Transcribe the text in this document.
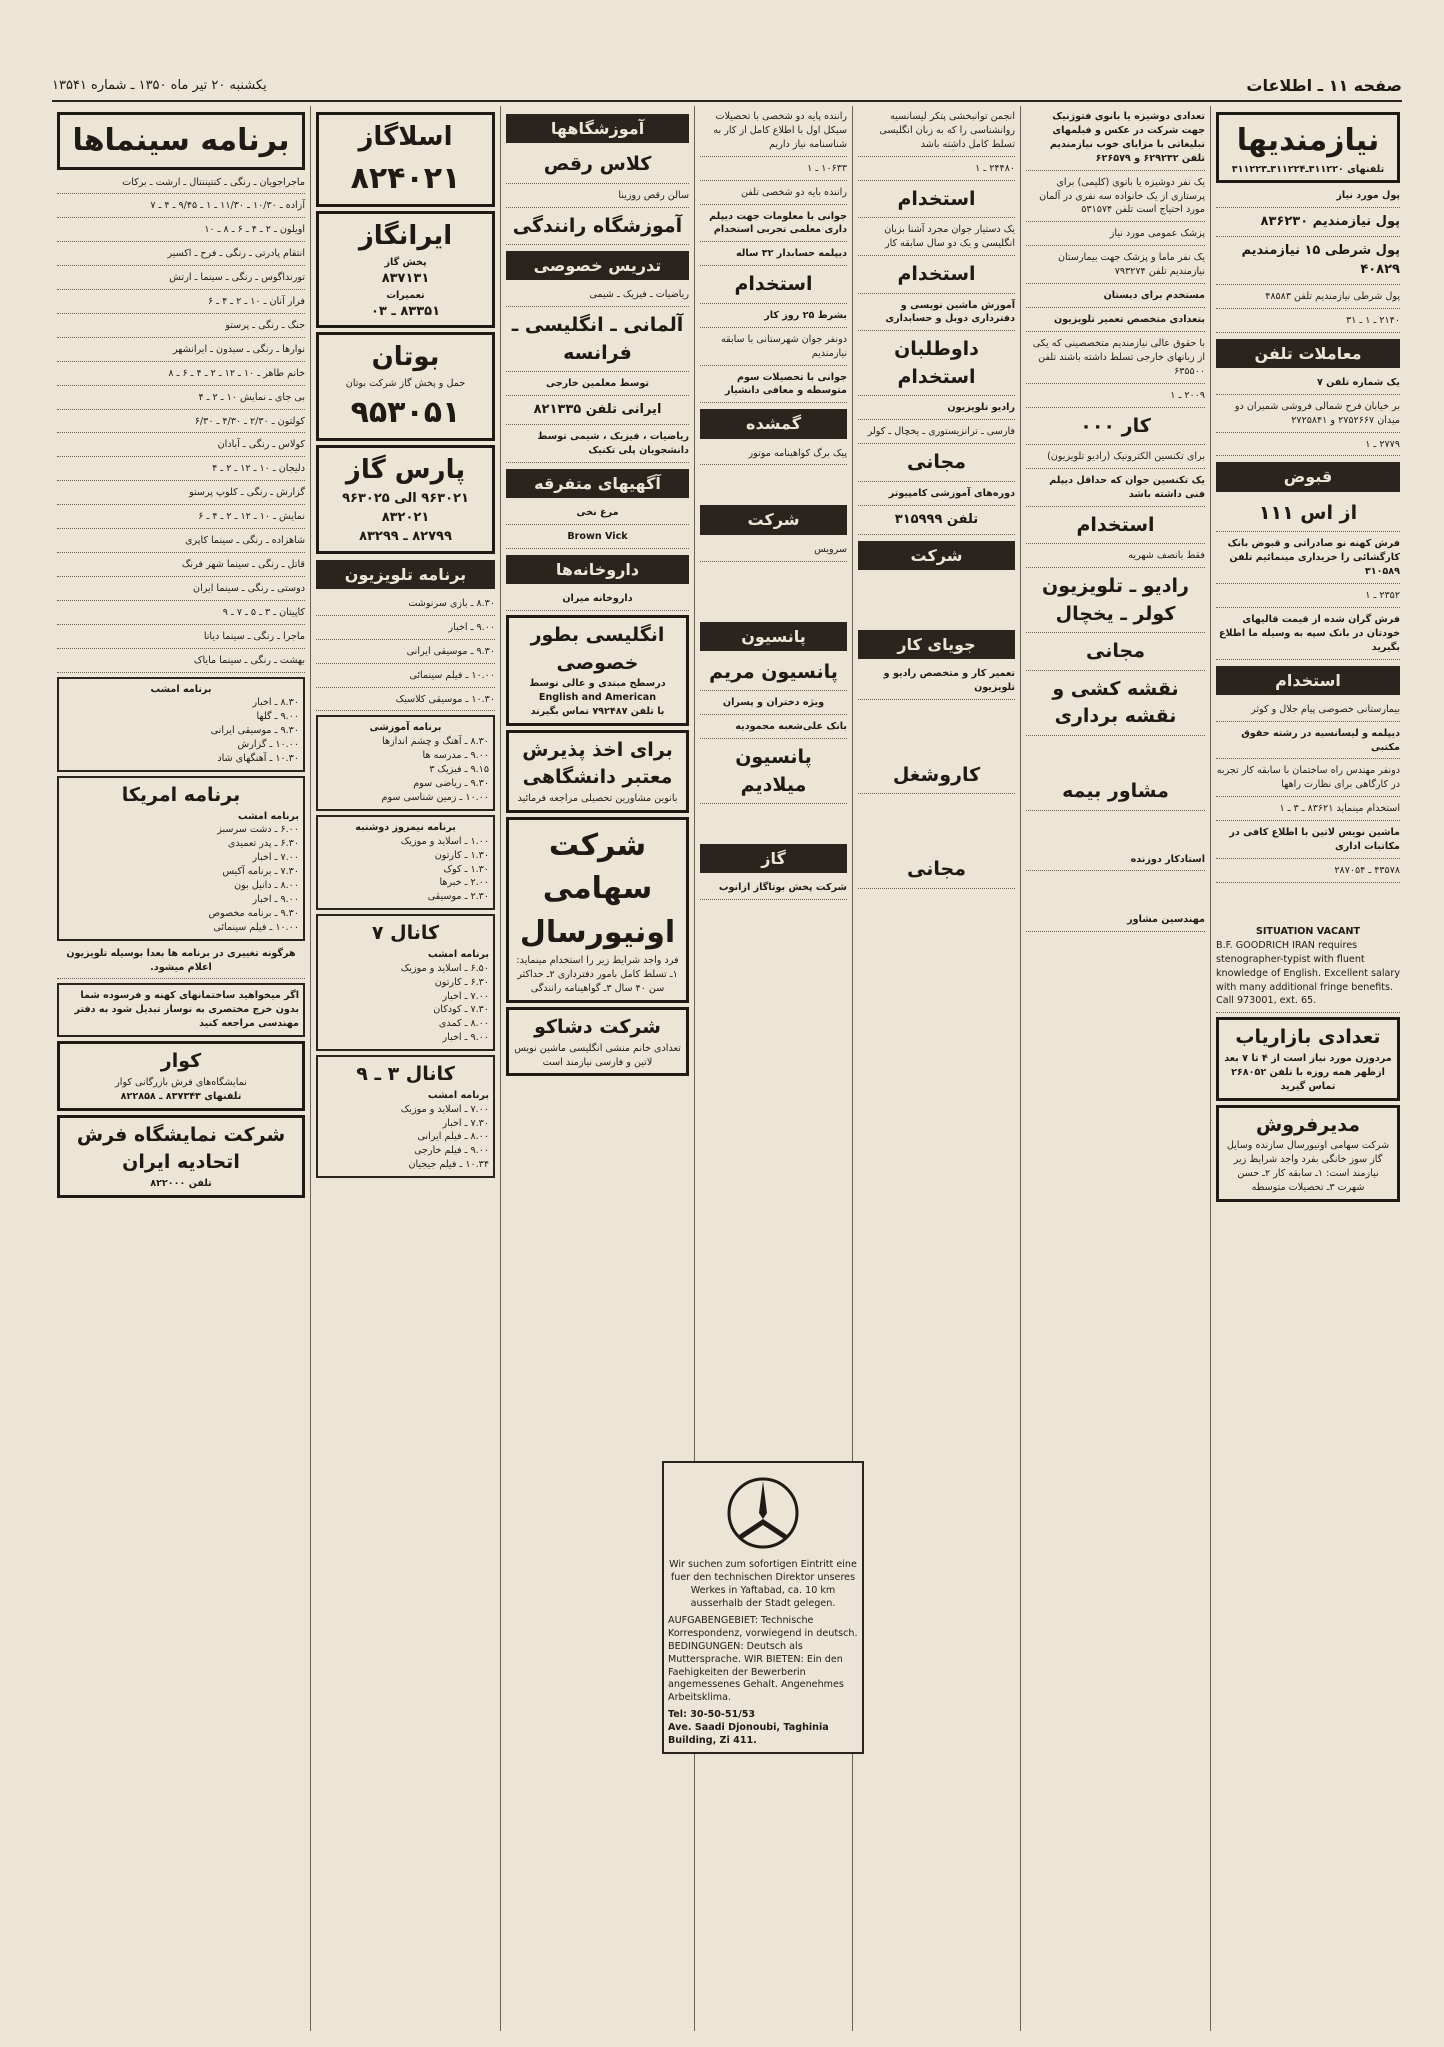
صفحه ۱۱ ـ اطلاعات
یکشنبه ۲۰ تیر ماه ۱۳۵۰ ـ شماره ۱۳۵۴۱
نیازمندیها
تلفنهای ۳۱۱۲۲۰ـ۳۱۱۲۲۴ـ۳۱۱۲۲۳
پول مورد نیاز
پول نیازمندیم ۸۳۶۲۳۰
پول شرطی ۱۵ نیازمندیم ۴۰۸۲۹
پول شرطی نیازمندیم تلفن ۴۸۵۸۳
۲۱۴۰ ـ ۱ ـ ۳۱
معاملات تلفن
یک شماره تلفن ۷
بر خیابان فرح شمالی فروشی شمیران دو میدان ۲۷۵۲۶۶۷ و ۲۷۲۵۸۴۱
۲۷۷۹ ـ ۱
قبوض
از اس ۱۱۱
فرش کهنه نو صادراتی و قبوض بانک کارگشائی را خریداری مینمائیم تلفن ۳۱۰۵۸۹
۲۳۵۲ ـ ۱
فرش گران شده از قیمت قالیهای خودتان در بانک سپه به وسیله ما اطلاع بگیرید
استخدام
بیمارستانی خصوصی پیام جلال و کوثر
دیپلمه و لیسانسیه در رشته حقوق مکتبی
دونفر مهندس راه ساختمان با سابقه کار تجربه در کارگاهی برای نظارت راهها
استخدام مینماید ۸۳۶۲۱ ـ ۳ ـ ۱
ماشین نویس لاتین با اطلاع کافی در مکاتبات اداری
۴۳۵۷۸ ـ ۲۸۷۰۵۴
SITUATION VACANT
B.F. GOODRICH IRAN requires stenographer-typist with fluent knowledge of English. Excellent salary with many additional fringe benefits. Call 973001, ext. 65.
تعدادی بازاریاب
مردوزن مورد نیاز است از ۴ تا ۷ بعد ازظهر همه روزه با تلفن ۲۶۸۰۵۲ تماس گیرید
مدیرفروش
شرکت سهامی اونیورسال سازنده وسایل گاز سوز خانگی بفرد واجد شرایط زیر نیازمند است: ۱ـ سابقه کار ۲ـ حسن شهرت ۳ـ تحصیلات متوسطه
تعدادی دوشیزه یا بانوی فتوژنیک جهت شرکت در عکس و فیلمهای تبلیغاتی با مزایای خوب نیازمندیم تلفن ۶۲۹۲۳۲ و ۶۲۶۵۷۹
یک نفر دوشیزه یا بانوی (کلیمی) برای پرستاری از یک خانواده سه نفری در آلمان مورد احتیاج است تلفن ۵۳۱۵۷۴
پزشک عمومی مورد نیاز
یک نفر ماما و پزشک جهت بیمارستان نیازمندیم تلفن ۷۹۳۲۷۴
مستخدم برای دبستان
بتعدادی متخصص تعمیر تلویزیون
با حقوق عالی نیازمندیم متخصصینی که یکی از زبانهای خارجی تسلط داشته باشند تلفن ۶۳۵۵۰۰
۲۰۰۹ ـ ۱
کار ۰۰۰
برای تکنسین الکترونیک (رادیو تلویزیون)
یک تکنسین جوان که حداقل دیپلم فنی داشته باشد
استخدام
فقط بانصف شهریه
رادیو ـ تلویزیون کولر ـ یخچال
مجانی
نقشه کشی و نقشه برداری
مشاور بیمه
استادکار دوزنده
مهندسین مشاور
انجمن توانبخشی پتکر لیسانسیه روانشناسی را که به زبان انگلیسی تسلط کامل داشته باشد
۲۴۴۸۰ ـ ۱
استخدام
یک دستیار جوان مجرد آشنا بزبان انگلیسی و یک دو سال سابقه کار
استخدام
آموزش ماشین نویسی و دفترداری دوبل و حسابداری
داوطلبان استخدام
رادیو تلویزیون
فارسی ـ ترانزیستوری ـ یخچال ـ کولر
مجانی
دوره‌های آموزشی کامپیوتر
تلفن ۳۱۵۹۹۹
شرکت
جویای کار
تعمیر کار و متخصص رادیو و تلویزیون
کاروشغل
مجانی
راننده پایه دو شخصی با تحصیلات سیکل اول با اطلاع کامل از کار به شناسنامه نیاز داریم
۱۰۶۳۳ ـ ۱
راننده بایه دو شخصی تلفن
جوانی با معلومات جهت دیپلم داری معلمی تجربی استخدام
دیپلمه حسابدار ۳۲ ساله
استخدام
بشرط ۲۵ روز کار
دونفر جوان شهرستانی با سابقه نیازمندیم
جوانی با تحصیلات سوم متوسطه و معافی دانشیار
گمشده
پیک برگ کواهینامه موتور
شرکت
سرویس
پانسیون
پانسیون مریم
ویژه دختران و پسران
بانک علی‌شعبه محمودیه
پانسیون میلادیم
گاز
شرکت پخش بوتاگاز ازانوب
آموزشگاهها
کلاس رقص
سالن رقص روزینا
آموزشگاه رانندگی
تدریس خصوصی
ریاضیات ـ فیزیک ـ شیمی
آلمانی ـ انگلیسی ـ فرانسه
توسط معلمین خارجی
ایرانی تلفن ۸۲۱۳۳۵
ریاضیات ، فیزیک ، شیمی توسط دانشجویان پلی تکنیک
آگهیهای متفرقه
مرغ نخی
Brown Vick
داروخانه‌ها
داروخانه میران
انگلیسی بطور خصوصی
درسطح مبتدی و عالی توسط
English and American
با تلفن ۷۹۲۴۸۷ تماس بگیرند
برای اخذ پذیرش معتبر دانشگاهی
بانوین مشاورین تحصیلی مراجعه فرمائید
شرکت سهامی اونیورسال
فرد واجد شرایط زیر را استخدام مینماید: ۱ـ تسلط کامل بامور دفترداری ۲ـ حداکثر سن ۴۰ سال ۳ـ گواهینامه رانندگی
شرکت دشاکو
تعدادی خانم منشی انگلیسی ماشین نویس لاتین و فارسی نیازمند است
اسلاگاز
۸۲۴۰۲۱
ایرانگاز
پخش گاز
۸۳۷۱۳۱
تعمیرات
۸۳۳۵۱ ـ ۰۳
بوتان
حمل و پخش گاز شرکت بوتان
۹۵۳۰۵۱
پارس گاز
۹۶۳۰۲۱ الی ۹۶۳۰۲۵
۸۳۲۰۲۱
۸۲۷۹۹ ـ ۸۳۲۹۹
برنامه تلویزیون
۸.۳۰ ـ بازی سرنوشت
۹.۰۰ ـ اخبار
۹.۳۰ ـ موسیقی ایرانی
۱۰.۰۰ ـ فیلم سینمائی
۱۰.۳۰ ـ موسیقی کلاسیک
برنامه آموزشی
۸.۳۰ ـ آهنگ و چشم اندازها
۹.۰۰ ـ مدرسه ها
۹.۱۵ ـ فیزیک ۳
۹.۳۰ ـ ریاضی سوم
۱۰.۰۰ ـ زمین شناسی سوم
برنامه نیمروز دوشنبه
۱.۰۰ ـ اسلاید و موزیک
۱.۳۰ ـ کارتون
۱.۳۰ ـ کوک
۲.۰۰ ـ خبرها
۲.۳۰ ـ موسیقی
کانال ۷
برنامه امشب
۶.۵۰ ـ اسلاید و موزیک
۶.۳۰ ـ کارتون
۷.۰۰ ـ اخبار
۷.۳۰ ـ کودکان
۸.۰۰ ـ کمدی
۹.۰۰ ـ اخبار
کانال ۳ ـ ۹
برنامه امشب
۷.۰۰ ـ اسلاید و موزیک
۷.۳۰ ـ اخبار
۸.۰۰ ـ فیلم ایرانی
۹.۰۰ ـ فیلم خارجی
۱۰.۳۴ ـ فیلم جیجیان
برنامه سینماها
ماجراجویان ـ رنگی ـ کنتیننتال ـ ارشت ـ برکات
آزاده ـ ۱۰/۳۰ ـ ۱۱/۳۰ ـ ۱ ـ ۹/۴۵ ـ ۴ ـ ۷
اویلون ـ ۲ ـ ۴ ـ ۶ ـ ۸ ـ ۱۰
انتقام پادرتی ـ رنگی ـ فرح ـ اکسیر
تورنداگوس ـ رنگی ـ سینما ـ ارتش
فرار آنان ـ ۱۰ ـ ۲ ـ ۴ ـ ۶
جنگ ـ رنگی ـ پرستو
نوارها ـ رنگی ـ سیدون ـ ایرانشهر
خانم طاهر ـ ۱۰ ـ ۱۲ ـ ۲ ـ ۴ ـ ۶ ـ ۸
بی جای ـ نمایش ۱۰ ـ ۲ ـ ۴
کولتون ـ ۲/۳۰ ـ ۴/۳۰ ـ ۶/۳۰
کولاس ـ رنگی ـ آبادان
دلیجان ـ ۱۰ ـ ۱۲ ـ ۲ ـ ۴
گزارش ـ رنگی ـ کلوپ پرستو
نمایش ـ ۱۰ ـ ۱۲ ـ ۲ ـ ۴ ـ ۶
شاهزاده ـ رنگی ـ سینما کاپری
قاتل ـ رنگی ـ سینما شهر فرنگ
دوستی ـ رنگی ـ سینما ایران
کاپیتان ـ ۳ ـ ۵ ـ ۷ ـ ۹
ماجرا ـ رنگی ـ سینما دیانا
بهشت ـ رنگی ـ سینما مایاک
برنامه امشب
۸.۳۰ ـ اخبار
۹.۰۰ ـ گلها
۹.۳۰ ـ موسیقی ایرانی
۱۰.۰۰ ـ گزارش
۱۰.۳۰ ـ آهنگهای شاد
برنامه امریکا
برنامه امشب
۶.۰۰ ـ دشت سرسبز
۶.۳۰ ـ پدر تعمیدی
۷.۰۰ ـ اخبار
۷.۳۰ ـ برنامه آکیس
۸.۰۰ ـ دانیل بون
۹.۰۰ ـ اخبار
۹.۳۰ ـ برنامه مخصوص
۱۰.۰۰ ـ فیلم سینمائی
هرگونه تغییری در برنامه ها بعدا بوسیله تلویزیون اعلام میشود.
اگر میخواهید ساختمانهای کهنه و فرسوده شما بدون خرج مختصری به نوساز تبدیل شود به دفتر مهندسی مراجعه کنید
کوار
نمایشگاه‌های فرش بازرگانی کوار
تلفنهای ۸۳۷۳۴۳ ـ ۸۲۲۸۵۸
شرکت نمایشگاه فرش اتحادیه ایران
تلفن ۸۲۲۰۰۰
Wir suchen zum sofortigen Eintritt eine fuer den technischen Direktor unseres Werkes in Yaftabad, ca. 10 km ausserhalb der Stadt gelegen.
AUFGABENGEBIET: Technische Korrespondenz, vorwiegend in deutsch. BEDINGUNGEN: Deutsch als Muttersprache. WIR BIETEN: Ein den Faehigkeiten der Bewerberin angemessenes Gehalt. Angenehmes Arbeitsklima.
Tel: 30-50-51/53
Ave. Saadi Djonoubi, Taghinia Building, Zi 411.
